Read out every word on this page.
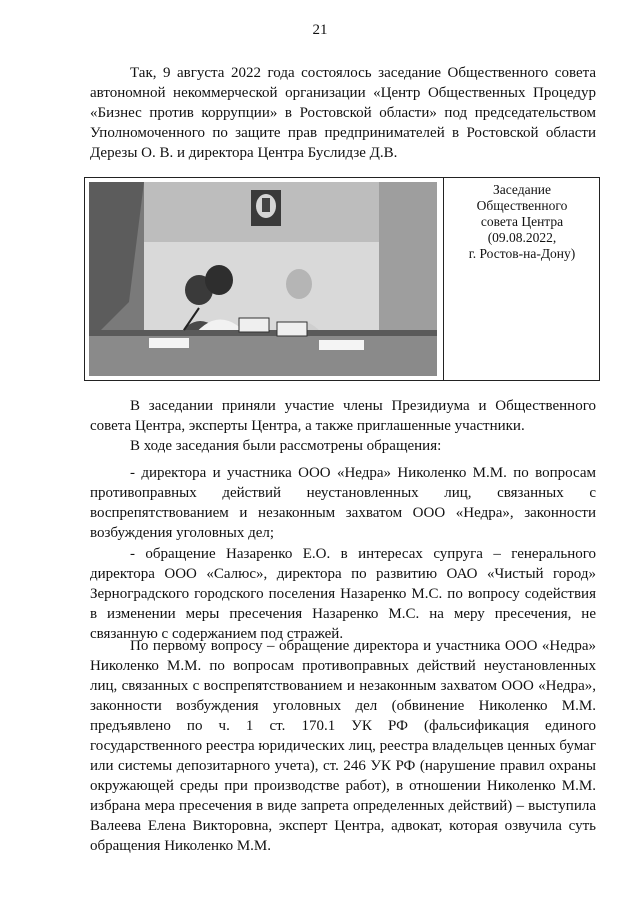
21

Так, 9 августа 2022 года состоялось заседание Общественного совета автономной некоммерческой организации «Центр Общественных Процедур «Бизнес против коррупции» в Ростовской области» под председательством Уполномоченного по защите прав предпринимателей в Ростовской области Дерезы О. В. и директора Центра Буслидзе Д.В.

Заседание Общественного
совета Центра
(09.08.2022,
г. Ростов-на-Дону)

В заседании приняли участие члены Президиума и Общественного совета Центра, эксперты Центра, а также приглашенные участники.

В ходе заседания были рассмотрены обращения:

- директора и участника ООО «Недра» Николенко М.М. по вопросам противоправных действий неустановленных лиц, связанных с воспрепятствованием и незаконным захватом ООО «Недра», законности возбуждения уголовных дел;

- обращение Назаренко Е.О. в интересах супруга – генерального директора ООО «Салюс», директора по развитию ОАО «Чистый город» Зерноградского городского поселения Назаренко М.С. по вопросу содействия в изменении меры пресечения Назаренко М.С. на меру пресечения, не связанную с содержанием под стражей.

По первому вопросу – обращение директора и участника ООО «Недра» Николенко М.М. по вопросам противоправных действий неустановленных лиц, связанных с воспрепятствованием и незаконным захватом ООО «Недра», законности возбуждения уголовных дел (обвинение Николенко М.М. предъявлено по ч. 1 ст. 170.1 УК РФ (фальсификация единого государственного реестра юридических лиц, реестра владельцев ценных бумаг или системы депозитарного учета), ст. 246 УК РФ (нарушение правил охраны окружающей среды при производстве работ), в отношении Николенко М.М. избрана мера пресечения в виде запрета определенных действий) – выступила Валеева Елена Викторовна, эксперт Центра, адвокат, которая озвучила суть обращения Николенко М.М.
